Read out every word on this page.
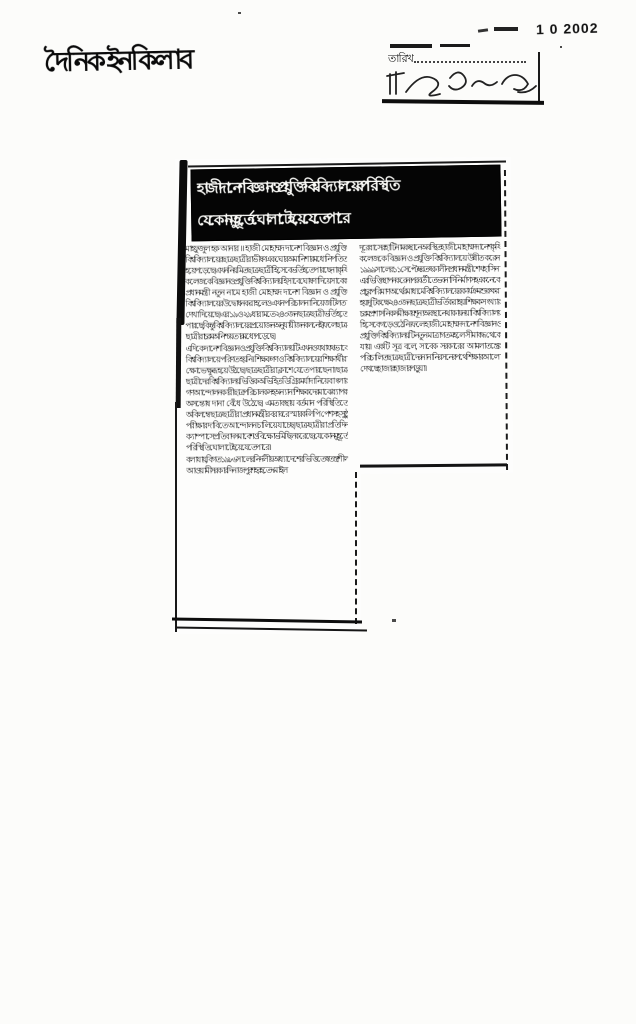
দৈনিক ইনকিলাব
1 0 2002
তারিখ
হাজী দানেশ বিজ্ঞান ও প্রযুক্তি বিশ্ববিদ্যালয়ের পরিস্থিতি
যে কোন মুহূর্তে ঘোলাটে হয়ে যেতে পারে

মাহফুজুল হক আনার ॥ হাজী মোহাম্মদ দানেশ বিজ্ঞান ও প্রযুক্তি বিশ্ববিদ্যালয়ের ছাত্র-ছাত্রীরা ভীষণ এক ঘোর অমানিশার মধ্যে নিপতিত হয়ে পড়েছে। এখন নিয়মিত ছাত্র-ছাত্রী হিসেবে ভর্তি হতে পারছে না। কৃষি কলেজকে বিজ্ঞান ও প্রযুক্তি বিশ্ববিদ্যালয় হিসাবে ঘোষণা দিয়ে সাবেক প্রধানমন্ত্রী নতুন নামে হাজী মোহাম্মদ দানেশ বিজ্ঞান ও প্রযুক্তি বিশ্ববিদ্যালয়ের উদ্বোধন করা হলেও এখন পরিচালনা নিয়ে জটিলতা দেখা দিয়েছে। এর ১৯ ও ২৯ ধারা মতে ২৪৩ জন ছাত্র-ছাত্রী ভর্তি হতে পারছে; কিন্তু বিশ্ববিদ্যালয়ের প্রয়োজন অনুযায়ী জনবল নেই। ফলে ছাত্র-ছাত্রীরা চরম অনিশ্চয়তার মধ্যে পড়েছে।

এদিকে দানেশ বিজ্ঞান ও প্রযুক্তি বিশ্ববিদ্যালয়টি এখনও যথাযথভাবে বিশ্ববিদ্যালয়ে পরিণত হয়নি। শিক্ষকগণ ও বিশ্ববিদ্যালয়ের শিক্ষার্থীরা ক্ষোভে ক্ষুব্ধ হয়ে উঠছে। ছাত্র-ছাত্রীরা ক্লাশে যেতে পারছে না। ছাত্র-ছাত্রীদের বিশ্ববিদ্যালয়ভিত্তিক অভিহিত ডিগ্রির মর্যাদা নিয়ে বাংলার গণআন্দোলনকারী ছাত্র পরিচালকসহ অন্যান্য শিক্ষকদের মাঝে ব্যাপক অসন্তোষ দানা বেঁধে উঠেছে। এমতাবস্থায় বর্তমান পরিস্থিতিতে অবিলম্বে ছাত্র-ছাত্রীরা প্রধানমন্ত্রীর বরাবরে স্মারকলিপি পেশসহ সুষ্ঠু পরীক্ষার দাবিতে আন্দোলন চালিয়ে যাচ্ছে। ছাত্র-ছাত্রীরা প্রতিদিন ক্যাম্পাসে প্রতিবাদ সমাবেশ ও বিক্ষোভ মিছিল করেছে। যে কোন মুহূর্তে পরিস্থিতি ঘোলাটে হয়ে যেতে পারে।

বলা যায়, বিগত ১৯৮৬ সালের নির্দলীয় অধ্যাদেশের ভিত্তিতে স্বতন্ত্রশীল আওয়ামী সরকার দিনাজপুর শহর হতে ৭ মাইল

দূরে বাসেরহাটি নামক স্থানে অবস্থিত হাজী মোহাম্মদ দানেশ কৃষি কলেজকে বিজ্ঞান ও প্রযুক্তি বিশ্ববিদ্যালয়ে উন্নীত করেন। ১৯৯৯ সালের ১১ সেপ্টেম্বর তৎকালীন প্রধানমন্ত্রী শেখ হাসিনা এর ভিত্তি স্থাপন করেন। পরবর্তীতে ভবনাদি নির্মাণসহ একনেকে প্রচুর পরিমাণ অর্থের মাধ্যমে বিশ্ববিদ্যালয়ের কার্যক্রম শুরু করা হয়। দুটি কক্ষে ২৪৩ জন ছাত্র-ছাত্রী ভর্তি করা হয়। শিক্ষক সংখ্যার চরম প্রশাসনিক সমীক্ষায় 'শূন্য' অবস্থানে থাকায় নয়া বিশ্ববিদ্যালয় হিসেবে গড়ে ওঠেনি। ফলে হাজী মোহাম্মদ দানেশ বিজ্ঞান ও প্রযুক্তি বিশ্ববিদ্যালয়টি নতুন মাত্রাগত মহলে সীমাবদ্ধ থেকে যায়। একটি সূত্র বলে, সাবেক সরকারের আমলাতন্ত্রের পরিচালিত ছাত্র-ছাত্রীদের নানা নিরসনের পথে শিক্ষার আলো দেখছে হাজার হাজার পড়ুয়া।
